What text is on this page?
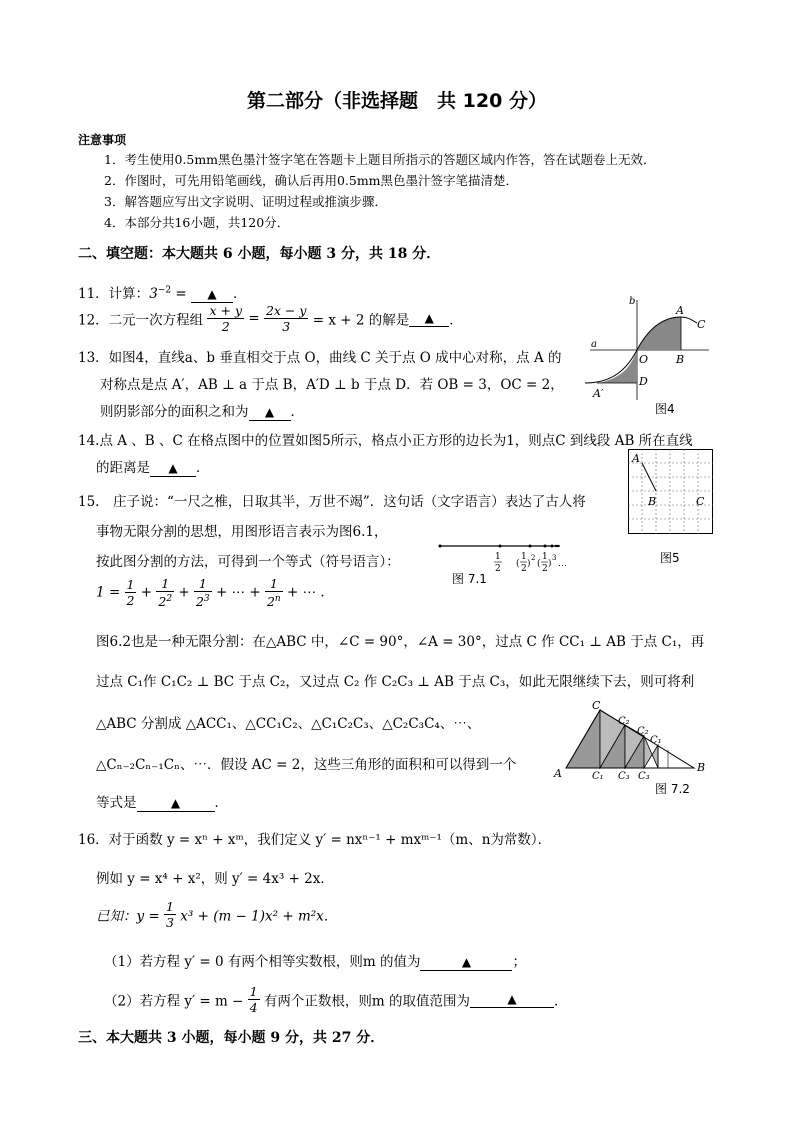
第二部分（非选择题　共 120 分）
注意事项
1．考生使用0.5mm黑色墨汁签字笔在答题卡上题目所指示的答题区域内作答，答在试题卷上无效．
2．作图时，可先用铅笔画线，确认后再用0.5mm黑色墨汁签字笔描清楚．
3．解答题应写出文字说明、证明过程或推演步骤．
4．本部分共16小题，共120分．
二、填空题：本大题共 6 小题，每小题 3 分，共 18 分．
11．计算：$3^{-2}$ = ▲ ．
12．二元一次方程组 $\frac{x + y}{2} = \frac{2x - y}{3} = x + 2$ 的解是 ▲ ．
13．如图4，直线a、b 垂直相交于点 O，曲线 C 关于点 O 成中心对称，点 A 的
对称点是点 A′，AB ⊥ a 于点 B，A′D ⊥ b 于点 D．若 OB = 3，OC = 2，
则阴影部分的面积之和为 ▲ ．
a
b
A
C
O	B
D
A′
图4
14.点 A 、B 、C 在格点图中的位置如图5所示，格点小正方形的边长为1，则点C 到线段 AB 所在直线
的距离是 ▲ ．
A
B	C
图5
15.　庄子说：“一尺之椎，日取其半，万世不竭”．这句话（文字语言）表达了古人将
事物无限分割的思想，用图形语言表示为图6.1，
按此图分割的方法，可得到一个等式（符号语言）：	1
2 (
1
2 )
2
(
1
2 )
3
⋯
图 7.1
$1 = \frac{1}{2} + \frac{1}{2^2} + \frac{1}{2^3}$ + ⋯ + $\frac{1}{2^n}$ + ⋯ .
图6.2也是一种无限分割：在△ABC 中，∠C = 90°，∠A = 30°，过点 C 作 CC₁ ⊥ AB 于点 C₁，再
过点 C₁作 C₁C₂ ⊥ BC 于点 C₂，又过点 C₂ 作 C₂C₃ ⊥ AB 于点 C₃，如此无限继续下去，则可将利
△ABC 分割成 △ACC₁、△CC₁C₂、△C₁C₂C₃、△C₂C₃C₄、⋯、
△Cₙ₋₂Cₙ₋₁Cₙ、⋯．假设 AC = 2，这些三角形的面积和可以得到一个
等式是	▲	．
A
C
B
C₁ C₃ C₃
C₂
C₂
C₁
图 7.2
16．对于函数 y = xⁿ + xᵐ，我们定义 y′ = nxⁿ⁻¹ + mxᵐ⁻¹（m、n为常数）．
例如 y = x⁴ + x²，则 y′ = 4x³ + 2x．
已知：$y = \frac{1}{3} x^3 + (m - 1)x^2 + m^2x$．
（1）若方程 y′ = 0 有两个相等实数根，则m 的值为	▲	；
（2）若方程 $y' = m - \frac{1}{4}$ 有两个正数根，则m 的取值范围为	▲	．
三、本大题共 3 小题，每小题 9 分，共 27 分．
